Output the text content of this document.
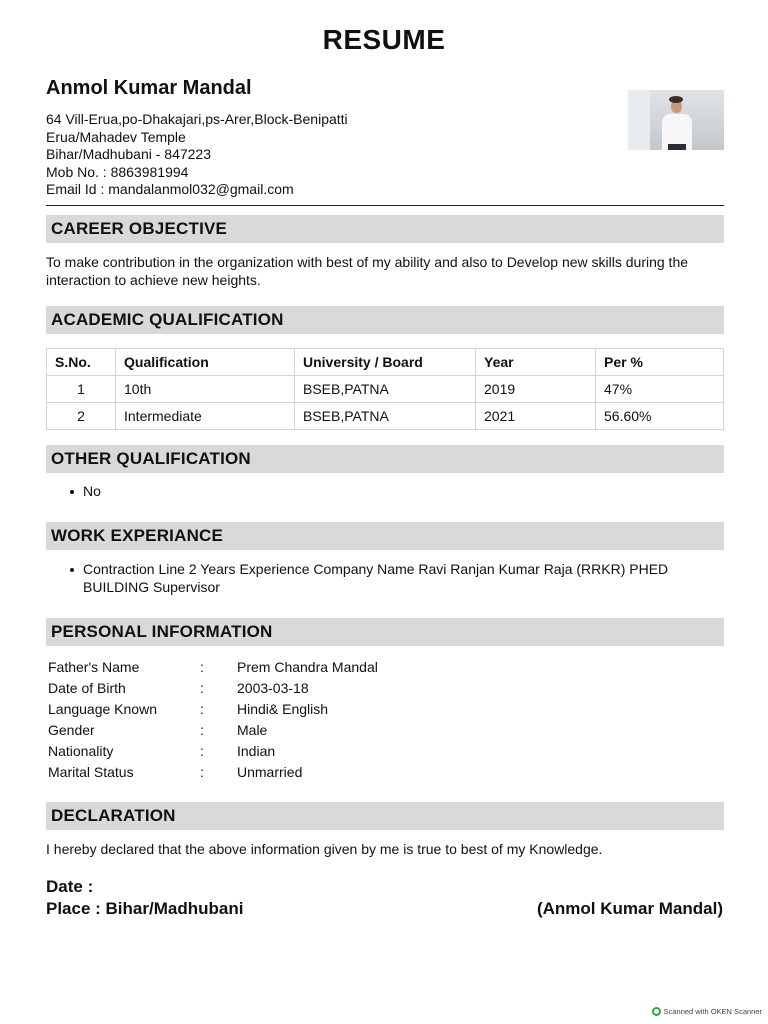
RESUME
Anmol Kumar Mandal
64 Vill-Erua,po-Dhakajari,ps-Arer,Block-Benipatti
Erua/Mahadev Temple
Bihar/Madhubani - 847223
Mob No. : 8863981994
Email Id : mandalanmol032@gmail.com
CAREER OBJECTIVE
To make contribution in the organization with best of my ability and also to Develop new skills during the interaction to achieve new heights.
ACADEMIC QUALIFICATION
S.No.	Qualification	University / Board	Year	Per %
1	10th	BSEB,PATNA	2019	47%
2	Intermediate	BSEB,PATNA	2021	56.60%
OTHER QUALIFICATION
No
WORK EXPERIANCE
Contraction Line 2 Years Experience Company Name Ravi Ranjan Kumar Raja (RRKR) PHED BUILDING Supervisor
PERSONAL INFORMATION
Father's Name	: Prem Chandra Mandal
Date of Birth	: 2003-03-18
Language Known	: Hindi& English
Gender	: Male
Nationality	: Indian
Marital Status	: Unmarried
DECLARATION
I hereby declared that the above information given by me is true to best of my Knowledge.
Date :
Place : Bihar/Madhubani	(Anmol Kumar Mandal)
Scanned with OKEN Scanner
